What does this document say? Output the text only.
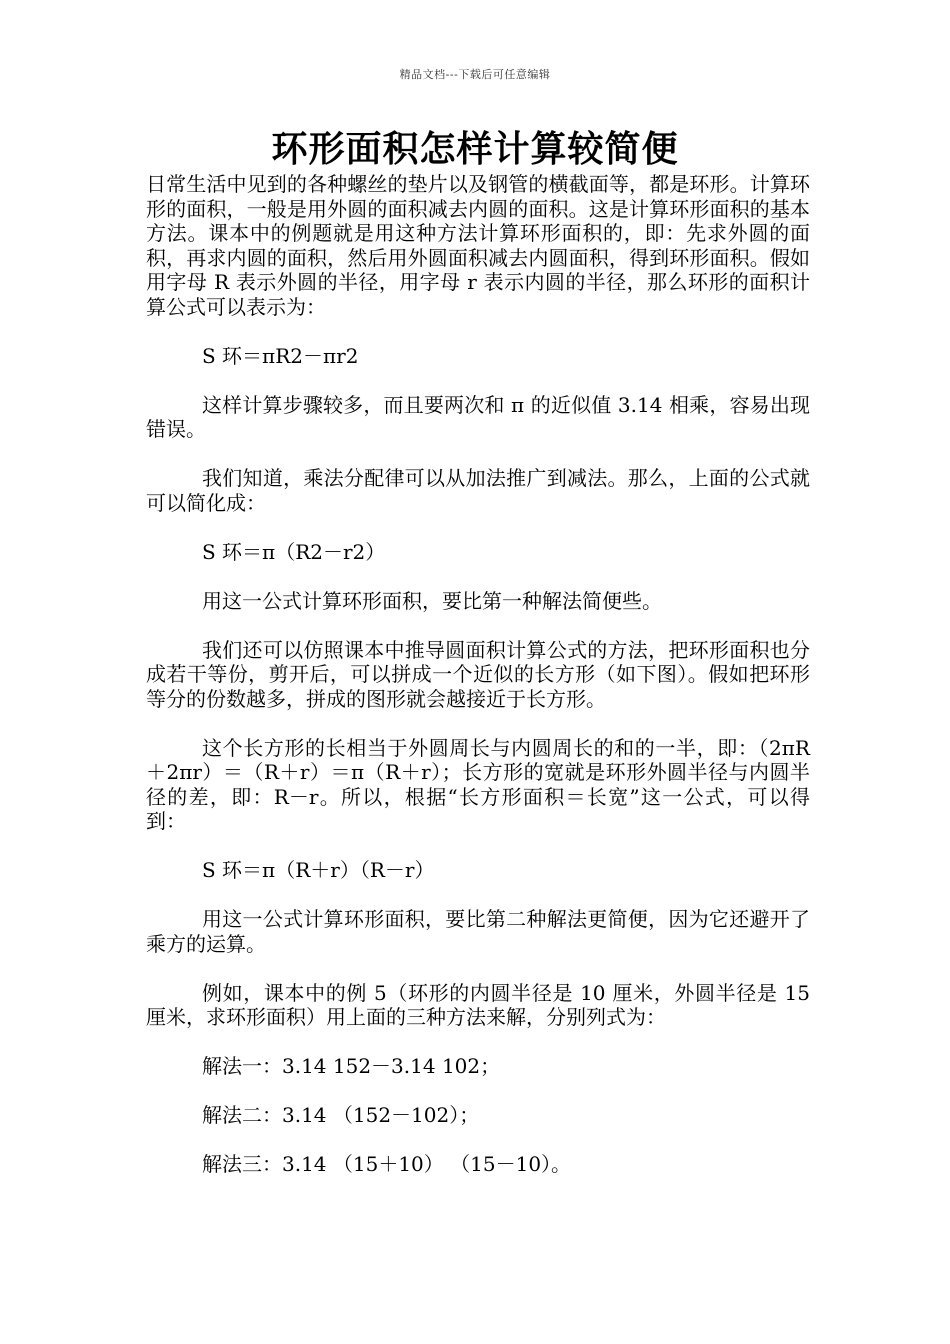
精品文档---下载后可任意编辑
环形面积怎样计算较简便

日常生活中见到的各种螺丝的垫片以及钢管的横截面等，都是环形。计算环形的面积，一般是用外圆的面积减去内圆的面积。这是计算环形面积的基本方法。课本中的例题就是用这种方法计算环形面积的，即：先求外圆的面积，再求内圆的面积，然后用外圆面积减去内圆面积，得到环形面积。假如用字母 R 表示外圆的半径，用字母 r 表示内圆的半径，那么环形的面积计算公式可以表示为：

S 环＝πR2－πr2

这样计算步骤较多，而且要两次和 π 的近似值 3.14 相乘，容易出现错误。

我们知道，乘法分配律可以从加法推广到减法。那么，上面的公式就可以简化成：

S 环＝π（R2－r2）

用这一公式计算环形面积，要比第一种解法简便些。

我们还可以仿照课本中推导圆面积计算公式的方法，把环形面积也分成若干等份，剪开后，可以拼成一个近似的长方形（如下图）。假如把环形等分的份数越多，拼成的图形就会越接近于长方形。

这个长方形的长相当于外圆周长与内圆周长的和的一半，即：（2πR＋2πr）＝（R＋r）＝π（R＋r）；长方形的宽就是环形外圆半径与内圆半径的差，即：R－r。所以，根据“长方形面积＝长宽”这一公式，可以得到：

S 环＝π（R＋r）（R－r）

用这一公式计算环形面积，要比第二种解法更简便，因为它还避开了乘方的运算。

例如，课本中的例 5（环形的内圆半径是 10 厘米，外圆半径是 15 厘米，求环形面积）用上面的三种方法来解，分别列式为：

解法一：3.14 152－3.14 102；

解法二：3.14 （152－102）；

解法三：3.14 （15＋10） （15－10）。
